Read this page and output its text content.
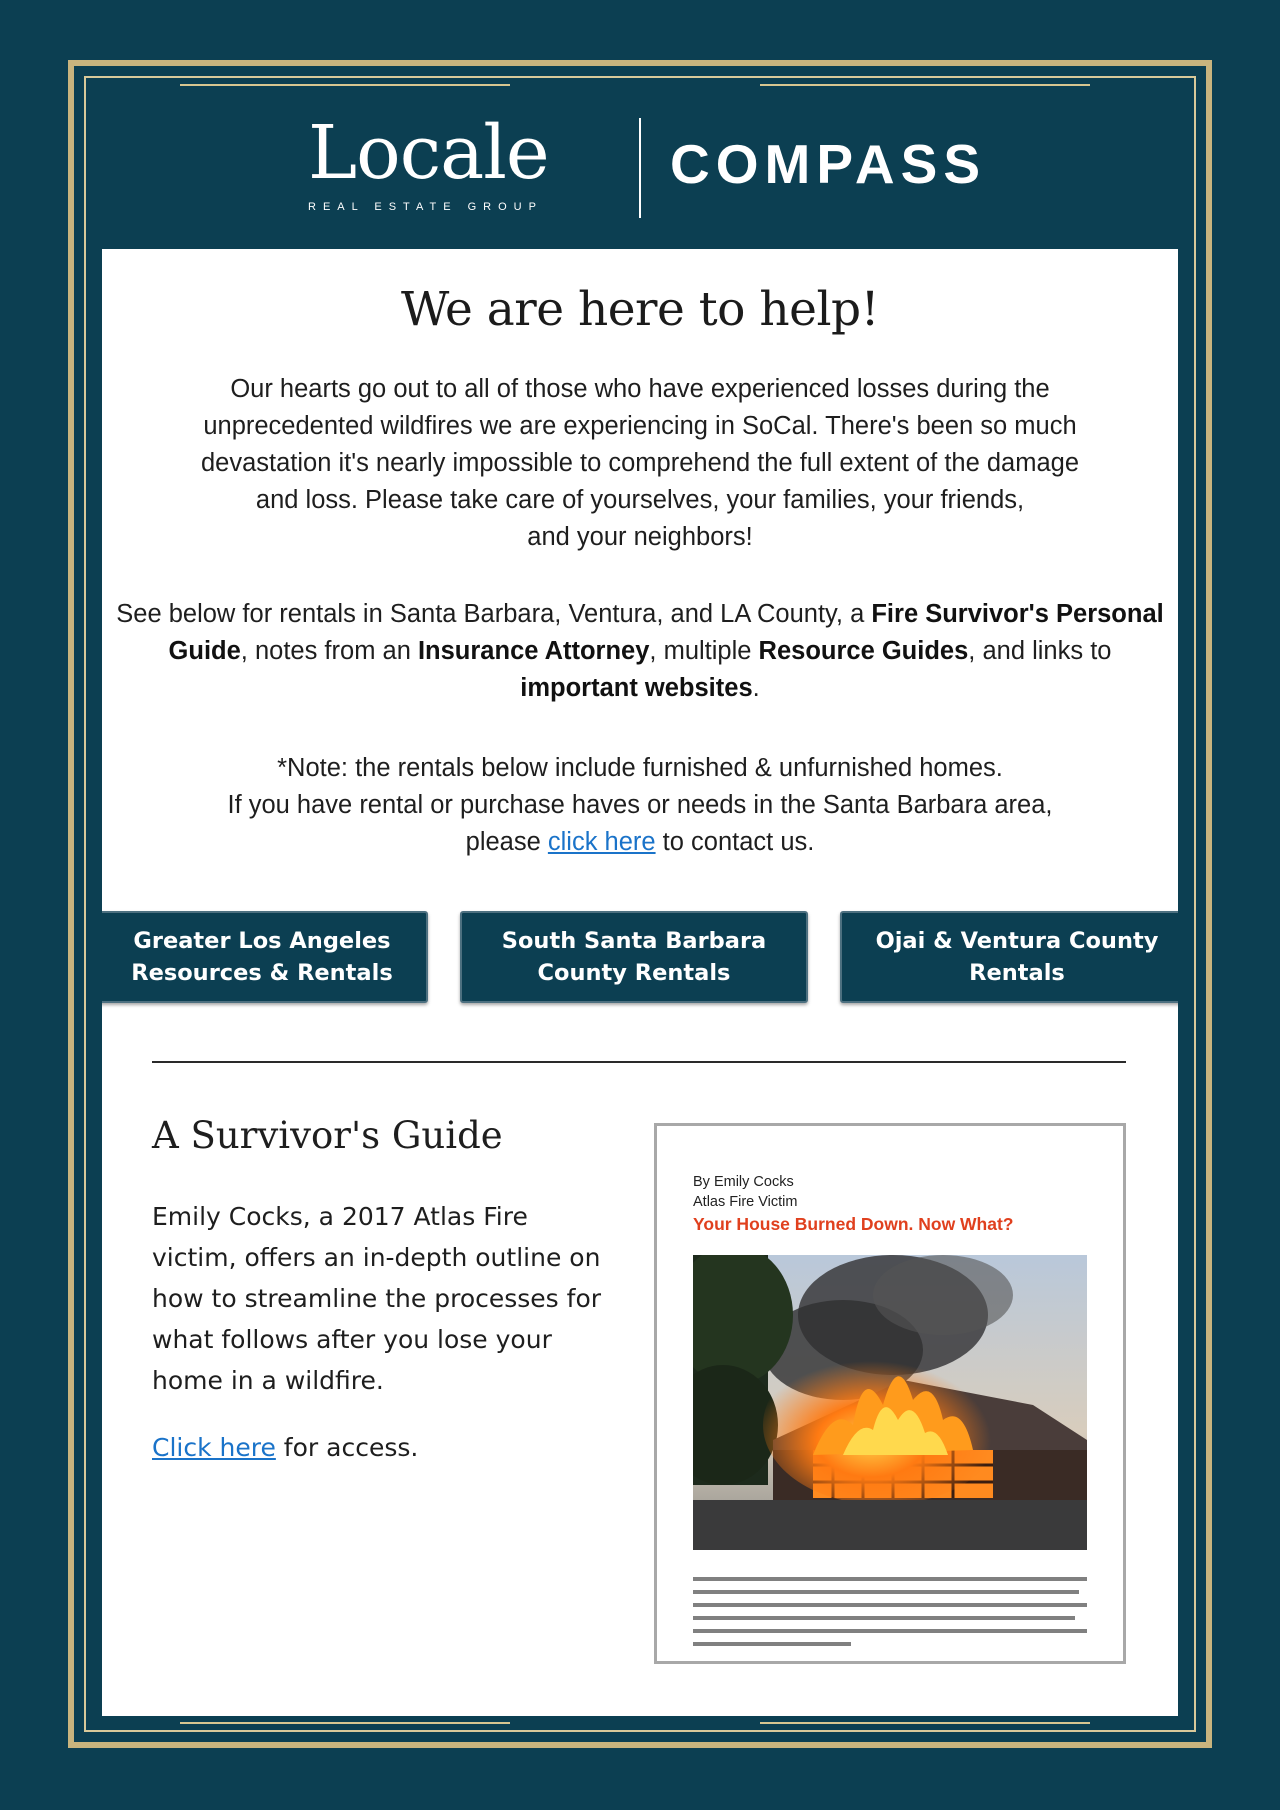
Locale
REAL ESTATE GROUP
COMPASS
We are here to help!
Our hearts go out to all of those who have experienced losses during the
unprecedented wildfires we are experiencing in SoCal. There's been so much
devastation it's nearly impossible to comprehend the full extent of the damage
and loss. Please take care of yourselves, your families, your friends,
and your neighbors!
See below for rentals in Santa Barbara, Ventura, and LA County, a Fire Survivor's Personal Guide, notes from an Insurance Attorney, multiple Resource Guides, and links to important websites.
*Note: the rentals below include furnished & unfurnished homes.
If you have rental or purchase haves or needs in the Santa Barbara area,
please click here to contact us.
Greater Los Angeles
Resources & Rentals
South Santa Barbara
County Rentals
Ojai & Ventura County
Rentals
A Survivor's Guide
Emily Cocks, a 2017 Atlas Fire victim, offers an in-depth outline on how to streamline the processes for what follows after you lose your home in a wildfire.
Click here for access.
By Emily Cocks
Atlas Fire Victim
Your House Burned Down. Now What?
